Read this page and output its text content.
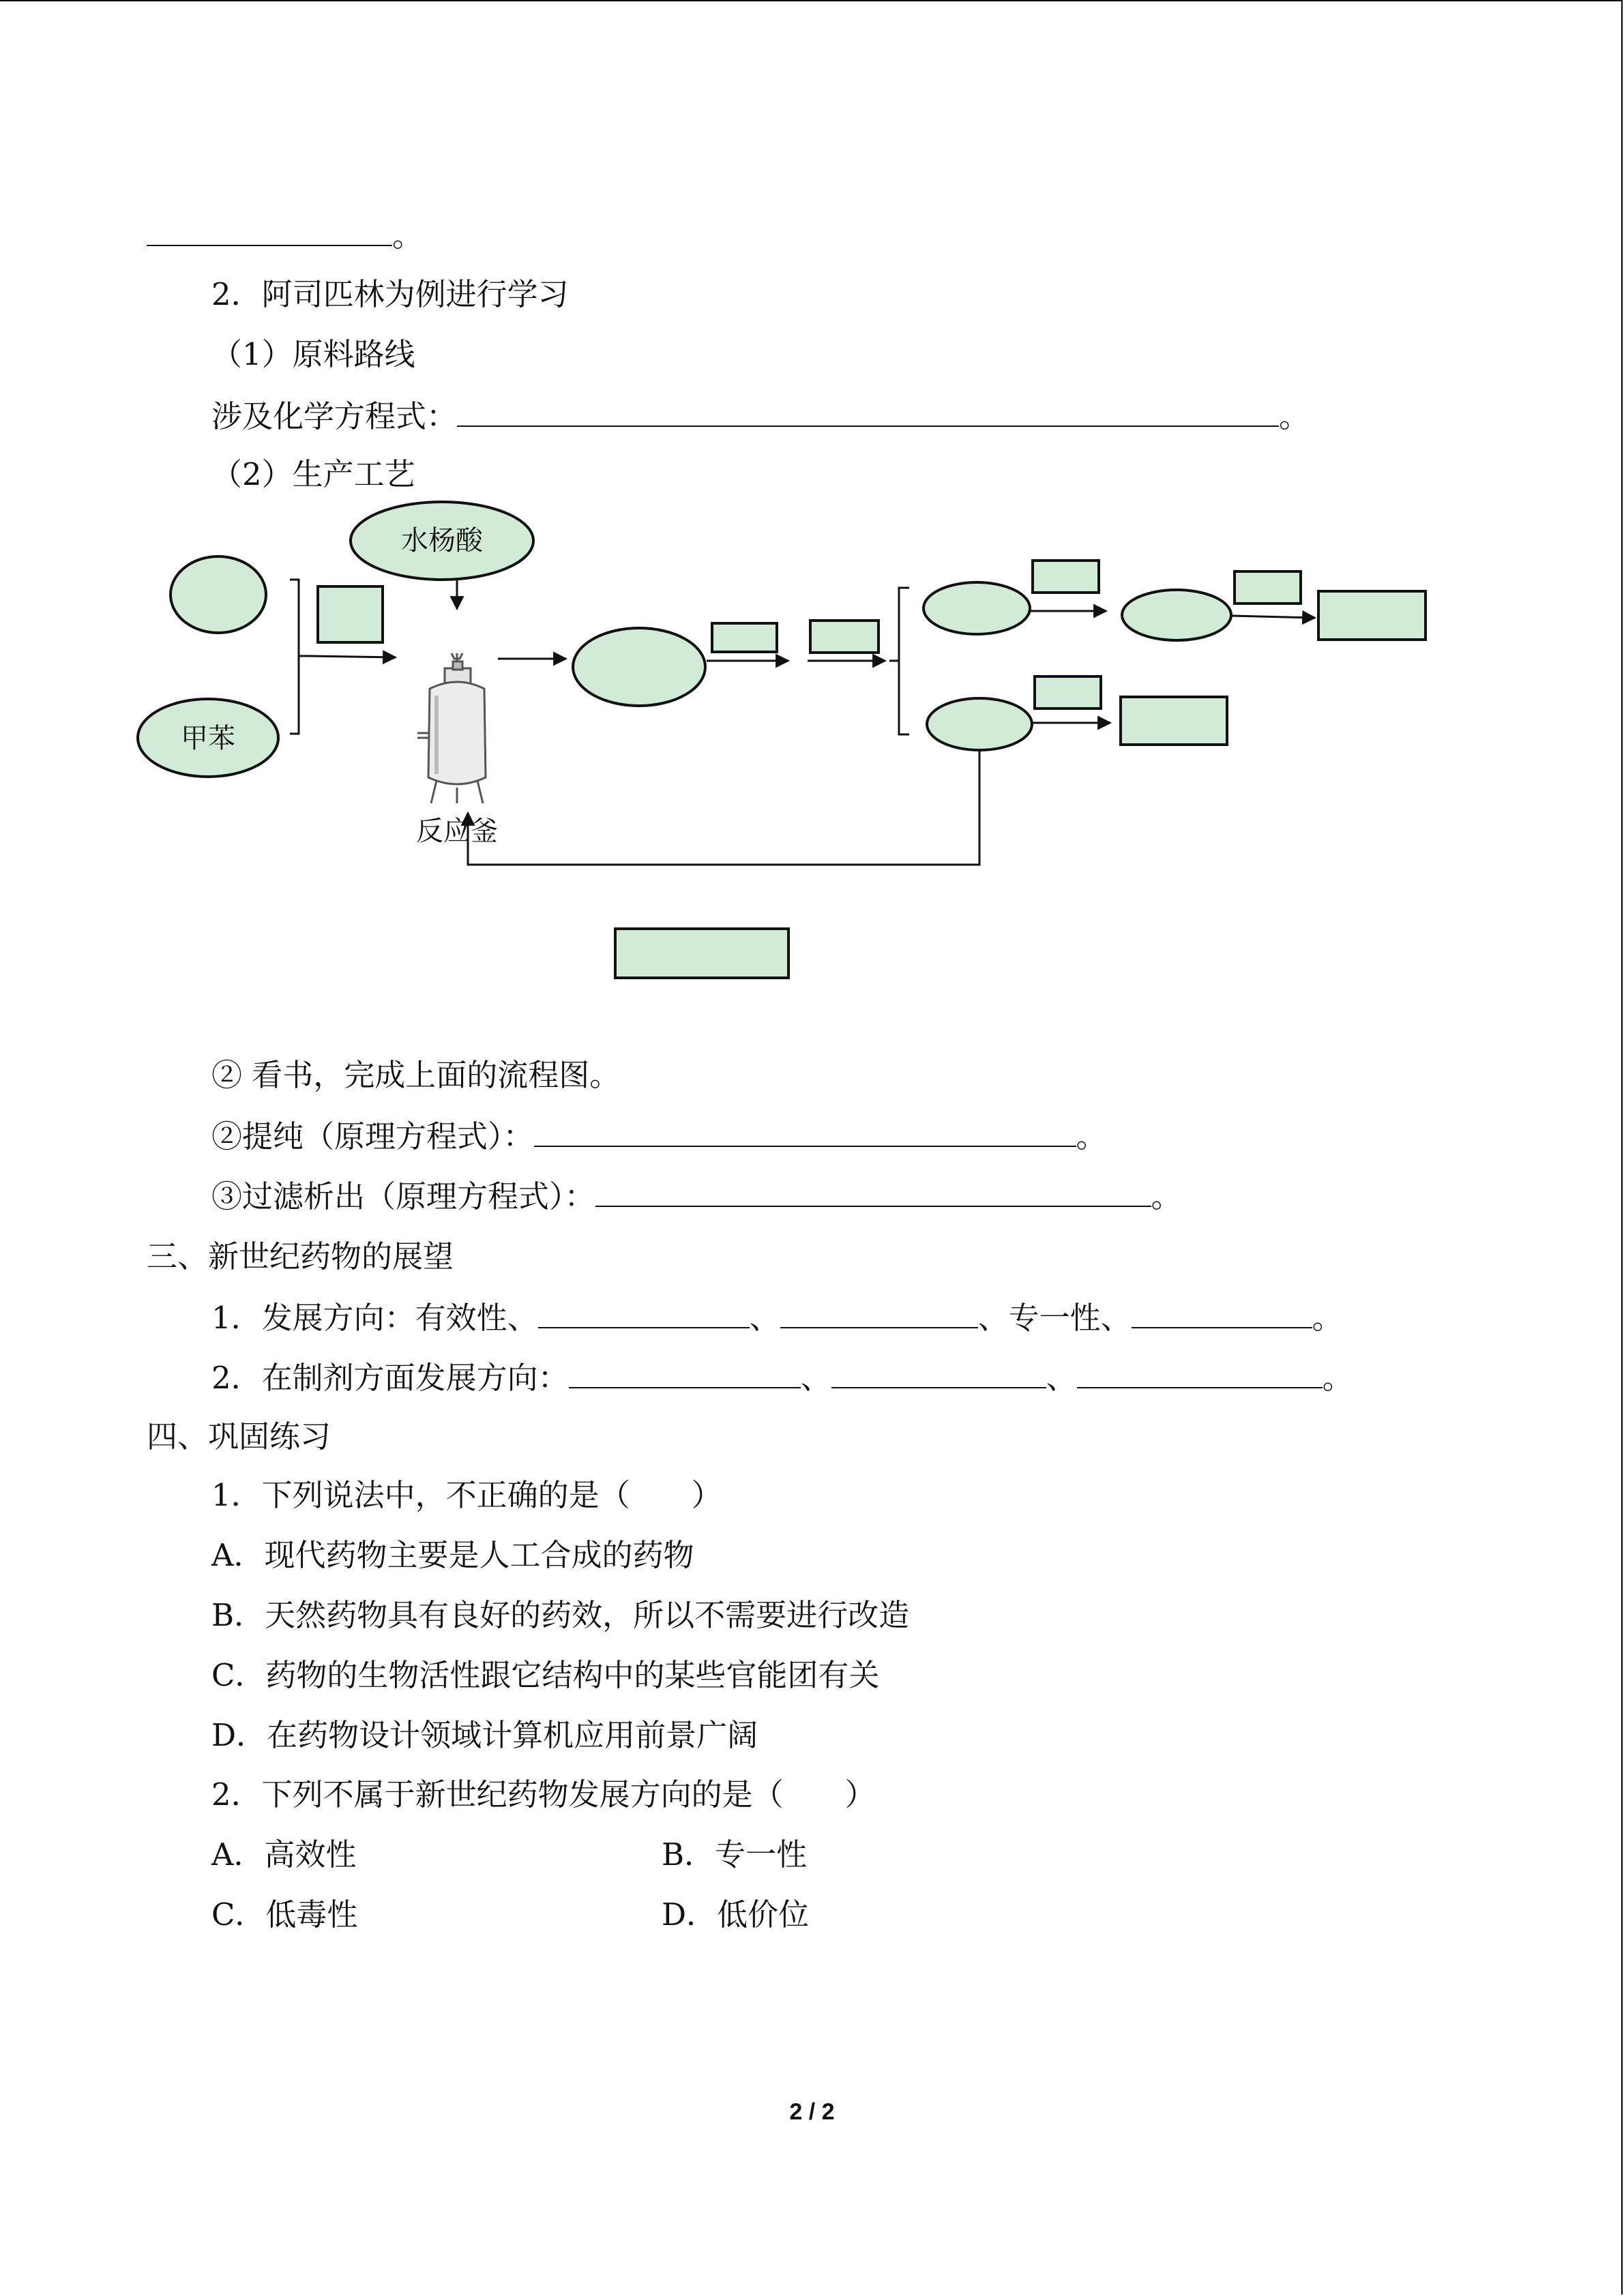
。
2．阿司匹林为例进行学习
（1）原料路线
涉及化学方程式：	。
（2）生产工艺
甲苯
水杨酸
反应釜
② 看书，完成上面的流程图。
②提纯（原理方程式）：	。
③过滤析出（原理方程式）：	。
三、新世纪药物的展望
1．发展方向：有效性、	、	、专一性、	。
2．在制剂方面发展方向：	、	、	。
四、巩固练习
1．下列说法中，不正确的是（　　）
A．现代药物主要是人工合成的药物
B．天然药物具有良好的药效，所以不需要进行改造
C．药物的生物活性跟它结构中的某些官能团有关
D．在药物设计领域计算机应用前景广阔
2．下列不属于新世纪药物发展方向的是（　　）
A．高效性	B．专一性
C．低毒性	D．低价位
2 / 2
